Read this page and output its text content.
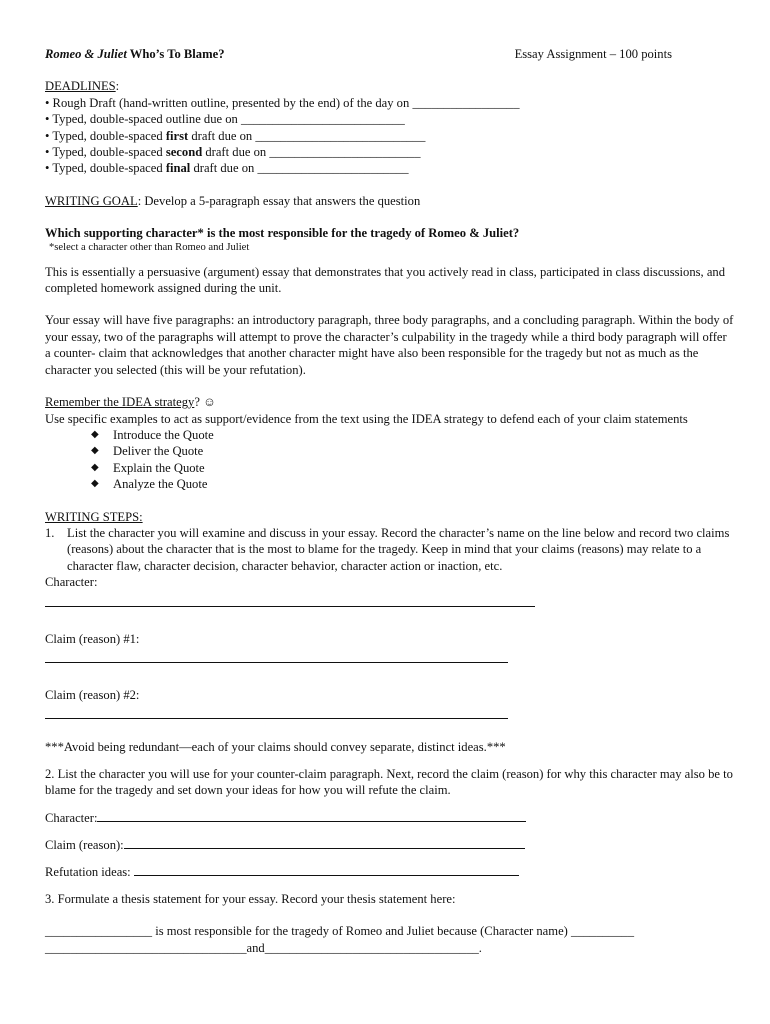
Romeo & Juliet Who’s To Blame?	Essay Assignment – 100 points

DEADLINES:

• Rough Draft (hand-written outline, presented by the end) of the day on _________________

• Typed, double-spaced outline due on __________________________

• Typed, double-spaced first draft due on ___________________________

• Typed, double-spaced second draft due on ________________________

• Typed, double-spaced final draft due on ________________________

WRITING GOAL: Develop a 5-paragraph essay that answers the question

Which supporting character* is the most responsible for the tragedy of Romeo & Juliet?

*select a character other than Romeo and Juliet

This is essentially a persuasive (argument) essay that demonstrates that you actively read in class, participated in class discussions, and completed homework assigned during the unit.

Your essay will have five paragraphs: an introductory paragraph, three body paragraphs, and a concluding paragraph. Within the body of your essay, two of the paragraphs will attempt to prove the character’s culpability in the tragedy while a third body paragraph will offer a counter- claim that acknowledges that another character might have also been responsible for the tragedy but not as much as the character you selected (this will be your refutation).

Remember the IDEA strategy? ☺

Use specific examples to act as support/evidence from the text using the IDEA strategy to defend each of your claim statements

◆ Introduce the Quote
◆ Deliver the Quote
◆ Explain the Quote
◆ Analyze the Quote

WRITING STEPS:

1. List the character you will examine and discuss in your essay. Record the character’s name on the line below and record two claims (reasons) about the character that is the most to blame for the tragedy. Keep in mind that your claims (reasons) may relate to a character flaw, character decision, character behavior, character action or inaction, etc.

Character:

Claim (reason) #1:

Claim (reason) #2:

***Avoid being redundant—each of your claims should convey separate, distinct ideas.***

2. List the character you will use for your counter-claim paragraph. Next, record the claim (reason) for why this character may also be to blame for the tragedy and set down your ideas for how you will refute the claim.

Character:

Claim (reason):

Refutation ideas:

3. Formulate a thesis statement for your essay. Record your thesis statement here:

_________________ is most responsible for the tragedy of Romeo and Juliet because (Character name) __________

________________________________and__________________________________.
